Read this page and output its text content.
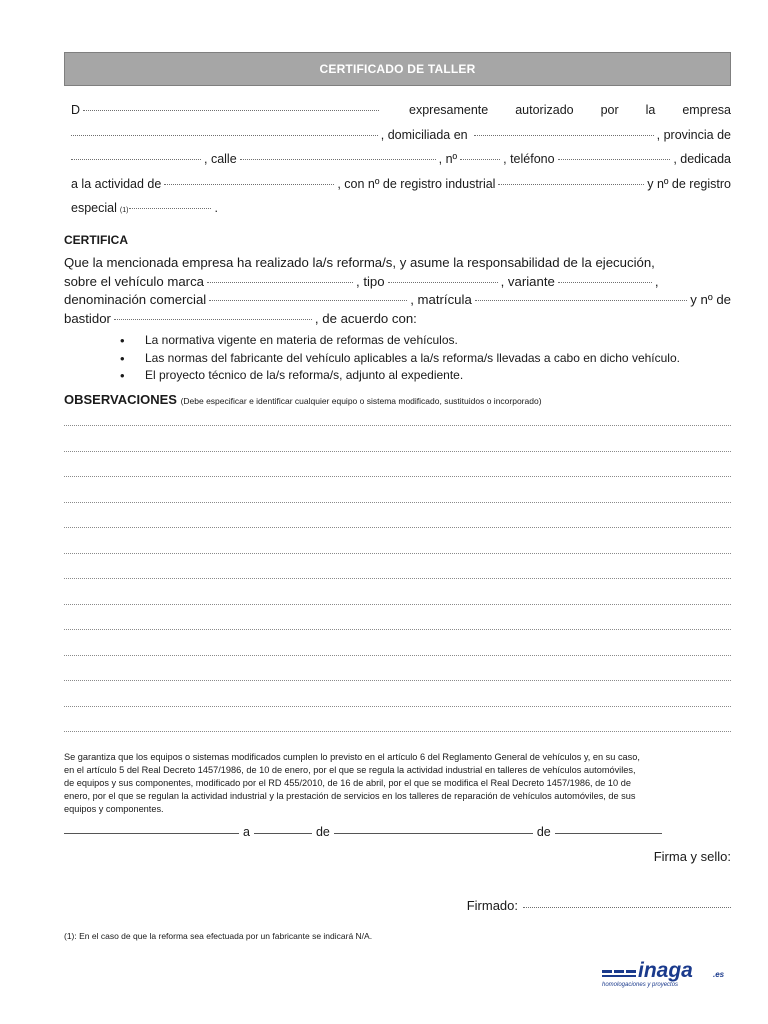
CERTIFICADO DE TALLER
D	expresamente autorizado por la empresa
, domiciliada en	, provincia de
, calle	, nº	, teléfono	, dedicada
a la actividad de	, con nº de registro industrial	y nº de registro
especial $_{(1)}$	.
CERTIFICA
Que la mencionada empresa ha realizado la/s reforma/s, y asume la responsabilidad de la ejecución,
sobre el vehículo marca	, tipo	, variante	,
denominación comercial	, matrícula	y nº de
bastidor	, de acuerdo con:
• La normativa vigente en materia de reformas de vehículos.
• Las normas del fabricante del vehículo aplicables a la/s reforma/s llevadas a cabo en dicho vehículo.
• El proyecto técnico de la/s reforma/s, adjunto al expediente.
OBSERVACIONES (Debe especificar e identificar cualquier equipo o sistema modificado, sustituidos o incorporado)
Se garantiza que los equipos o sistemas modificados cumplen lo previsto en el artículo 6 del Reglamento General de vehículos y, en su caso,
en el artículo 5 del Real Decreto 1457/1986, de 10 de enero, por el que se regula la actividad industrial en talleres de vehículos automóviles,
de equipos y sus componentes, modificado por el RD 455/2010, de 16 de abril, por el que se modifica el Real Decreto 1457/1986, de 10 de
enero, por el que se regulan la actividad industrial y la prestación de servicios en los talleres de reparación de vehículos automóviles, de sus
equipos y componentes.
a	de	de
Firma y sello:
Firmado:
(1): En el caso de que la reforma sea efectuada por un fabricante se indicará N/A.
inaga	.es
homologaciones y proyectos
